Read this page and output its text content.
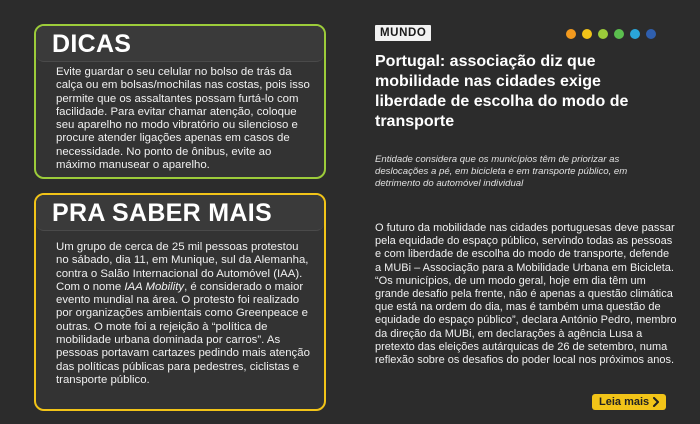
DICAS

Evite guardar o seu celular no bolso de trás da calça ou em bolsas/mochilas nas costas, pois isso permite que os assaltantes possam furtá-lo com facilidade. Para evitar chamar atenção, coloque seu aparelho no modo vibratório ou silencioso e procure atender ligações apenas em casos de necessidade. No ponto de ônibus, evite ao máximo manusear o aparelho.

PRA SABER MAIS

Um grupo de cerca de 25 mil pessoas protestou no sábado, dia 11, em Munique, sul da Alemanha, contra o Salão Internacional do Automóvel (IAA). Com o nome IAA Mobility, é considerado o maior evento mundial na área. O protesto foi realizado por organizações ambientais como Greenpeace e outras. O mote foi a rejeição à “política de mobilidade urbana dominada por carros”. As pessoas portavam cartazes pedindo mais atenção das políticas públicas para pedestres, ciclistas e transporte público.

MUNDO
Portugal: associação diz que mobilidade nas cidades exige liberdade de escolha do modo de transporte

Entidade considera que os municípios têm de priorizar as deslocações a pé, em bicicleta e em transporte público, em detrimento do automóvel individual

O futuro da mobilidade nas cidades portuguesas deve passar pela equidade do espaço público, servindo todas as pessoas e com liberdade de escolha do modo de transporte, defende a MUBi – Associação para a Mobilidade Urbana em Bicicleta. “Os municípios, de um modo geral, hoje em dia têm um grande desafio pela frente, não é apenas a questão climática que está na ordem do dia, mas é também uma questão de equidade do espaço público”, declara António Pedro, membro da direção da MUBi, em declarações à agência Lusa a pretexto das eleições autárquicas de 26 de setembro, numa reflexão sobre os desafios do poder local nos próximos anos.

Leia mais
